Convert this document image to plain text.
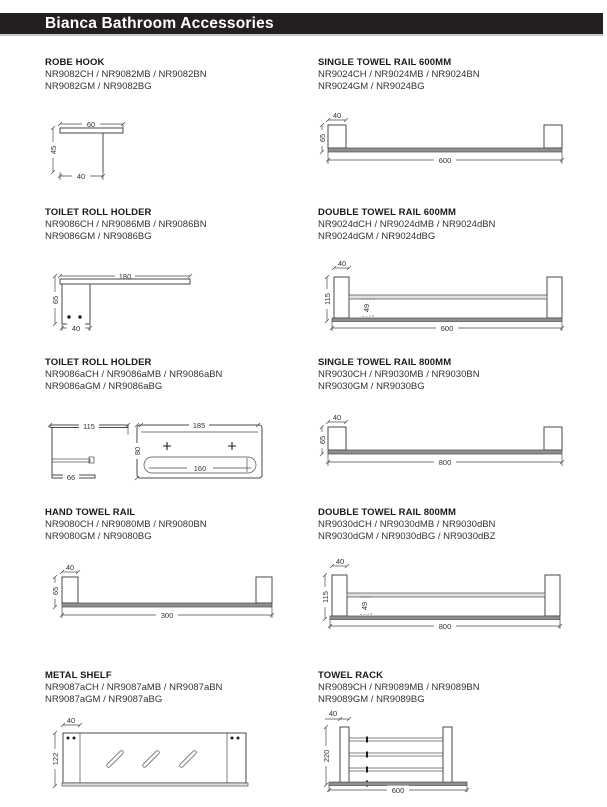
Bianca Bathroom Accessories
ROBE HOOK

NR9082CH / NR9082MB / NR9082BN

NR9082GM / NR9082BG

60
45
40
SINGLE TOWEL RAIL 600MM

NR9024CH / NR9024MB / NR9024BN

NR9024GM / NR9024BG

40
65
600
TOILET ROLL HOLDER

NR9086CH / NR9086MB / NR9086BN

NR9086GM / NR9086BG

180
65
40
DOUBLE TOWEL RAIL 600MM

NR9024dCH / NR9024dMB / NR9024dBN

NR9024dGM / NR9024dBG

40
115
49
600
TOILET ROLL HOLDER

NR9086aCH / NR9086aMB / NR9086aBN

NR9086aGM / NR9086aBG

115
66
185
80
160
SINGLE TOWEL RAIL 800MM

NR9030CH / NR9030MB / NR9030BN

NR9030GM / NR9030BG

40
65
800
HAND TOWEL RAIL

NR9080CH / NR9080MB / NR9080BN

NR9080GM / NR9080BG

40
65
300
DOUBLE TOWEL RAIL 800MM

NR9030dCH / NR9030dMB / NR9030dBN

NR9030dGM / NR9030dBG / NR9030dBZ

40
115
49
800
METAL SHELF

NR9087aCH / NR9087aMB / NR9087aBN

NR9087aGM / NR9087aBG

40
122
TOWEL RACK

NR9089CH / NR9089MB / NR9089BN

NR9089GM / NR9089BG

40
220
600
